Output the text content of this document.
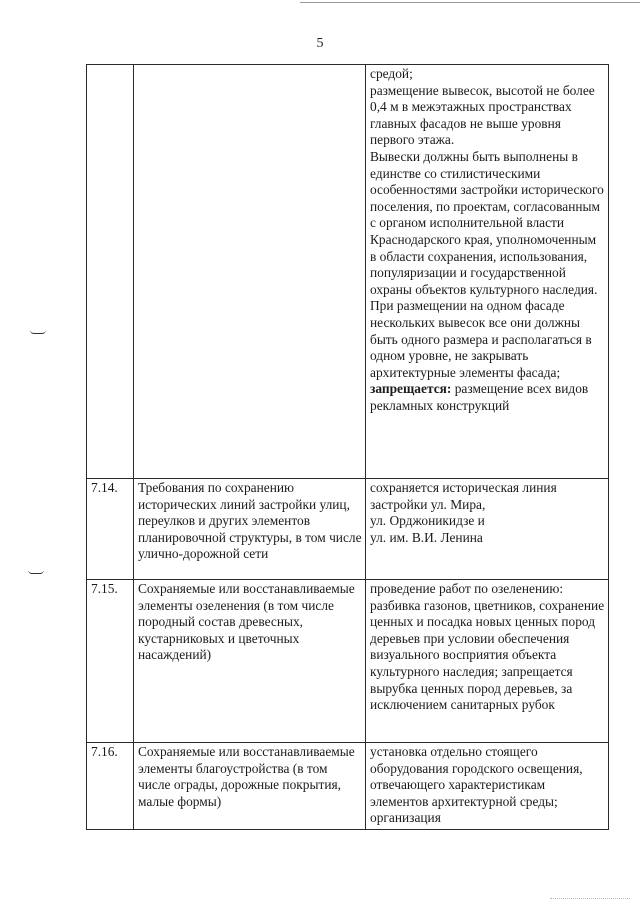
5

		средой;
размещение вывесок, высотой не более 0,4 м в межэтажных пространствах главных фасадов не выше уровня первого этажа.
Вывески должны быть выполнены в единстве со стилистическими особенностями застройки исторического поселения, по проектам, согласованным с органом исполнительной власти Краснодарского края, уполномоченным в области сохранения, использования, популяризации и государственной охраны объектов культурного наследия. При размещении на одном фасаде нескольких вывесок все они должны быть одного размера и располагаться в одном уровне, не закрывать архитектурные элементы фасада;
запрещается: размещение всех видов рекламных конструкций

7.14.	Требования по сохранению исторических линий застройки улиц, переулков и других элементов планировочной структуры, в том числе улично-дорожной сети	сохраняется историческая линия застройки ул. Мира,
ул. Орджоникидзе и
ул. им. В.И. Ленина

7.15.	Сохраняемые или восстанавливаемые элементы озеленения (в том числе породный состав древесных, кустарниковых и цветочных насаждений)	проведение работ по озеленению: разбивка газонов, цветников, сохранение ценных и посадка новых ценных пород деревьев при условии обеспечения визуального восприятия объекта культурного наследия; запрещается вырубка ценных пород деревьев, за исключением санитарных рубок

7.16.	Сохраняемые или восстанавливаемые элементы благоустройства (в том числе ограды, дорожные покрытия, малые формы)	установка отдельно стоящего оборудования городского освещения, отвечающего характеристикам элементов архитектурной среды; организация
